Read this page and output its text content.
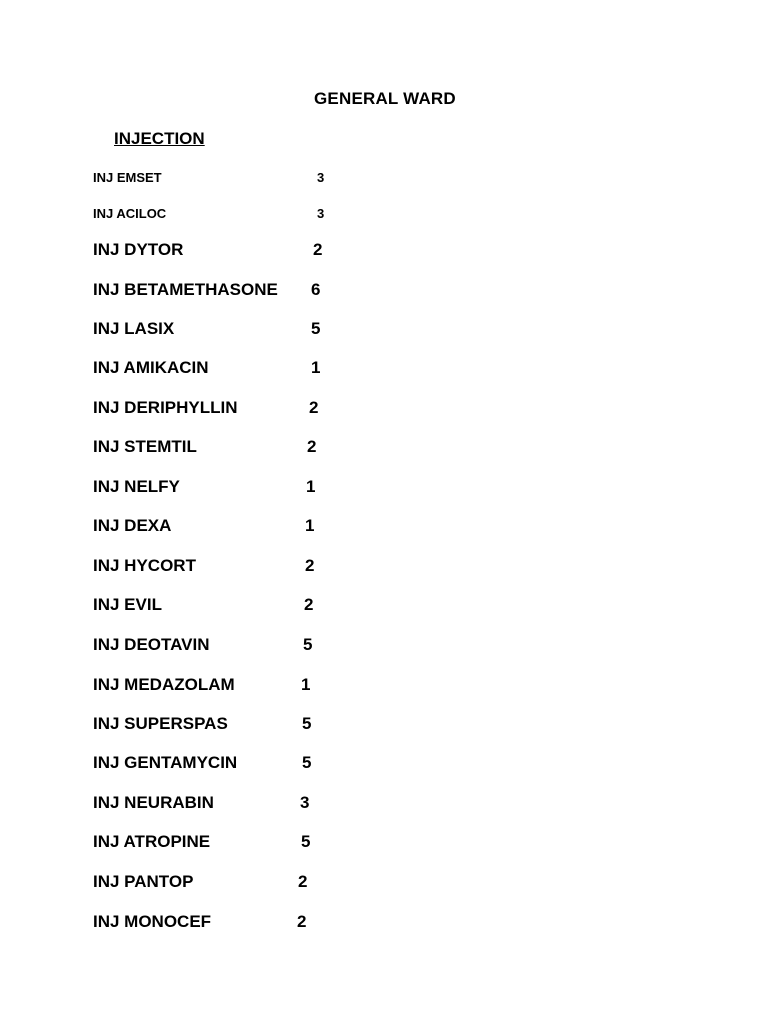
GENERAL WARD
INJECTION
INJ EMSET	3
INJ ACILOC	3
INJ DYTOR	2
INJ BETAMETHASONE 6
INJ LASIX	5
INJ AMIKACIN	1
INJ DERIPHYLLIN	2
INJ STEMTIL	2
INJ NELFY	1
INJ DEXA	1
INJ HYCORT	2
INJ EVIL	2
INJ DEOTAVIN	5
INJ MEDAZOLAM	1
INJ SUPERSPAS	5
INJ GENTAMYCIN	5
INJ NEURABIN	3
INJ ATROPINE	5
INJ PANTOP	2
INJ MONOCEF	2
